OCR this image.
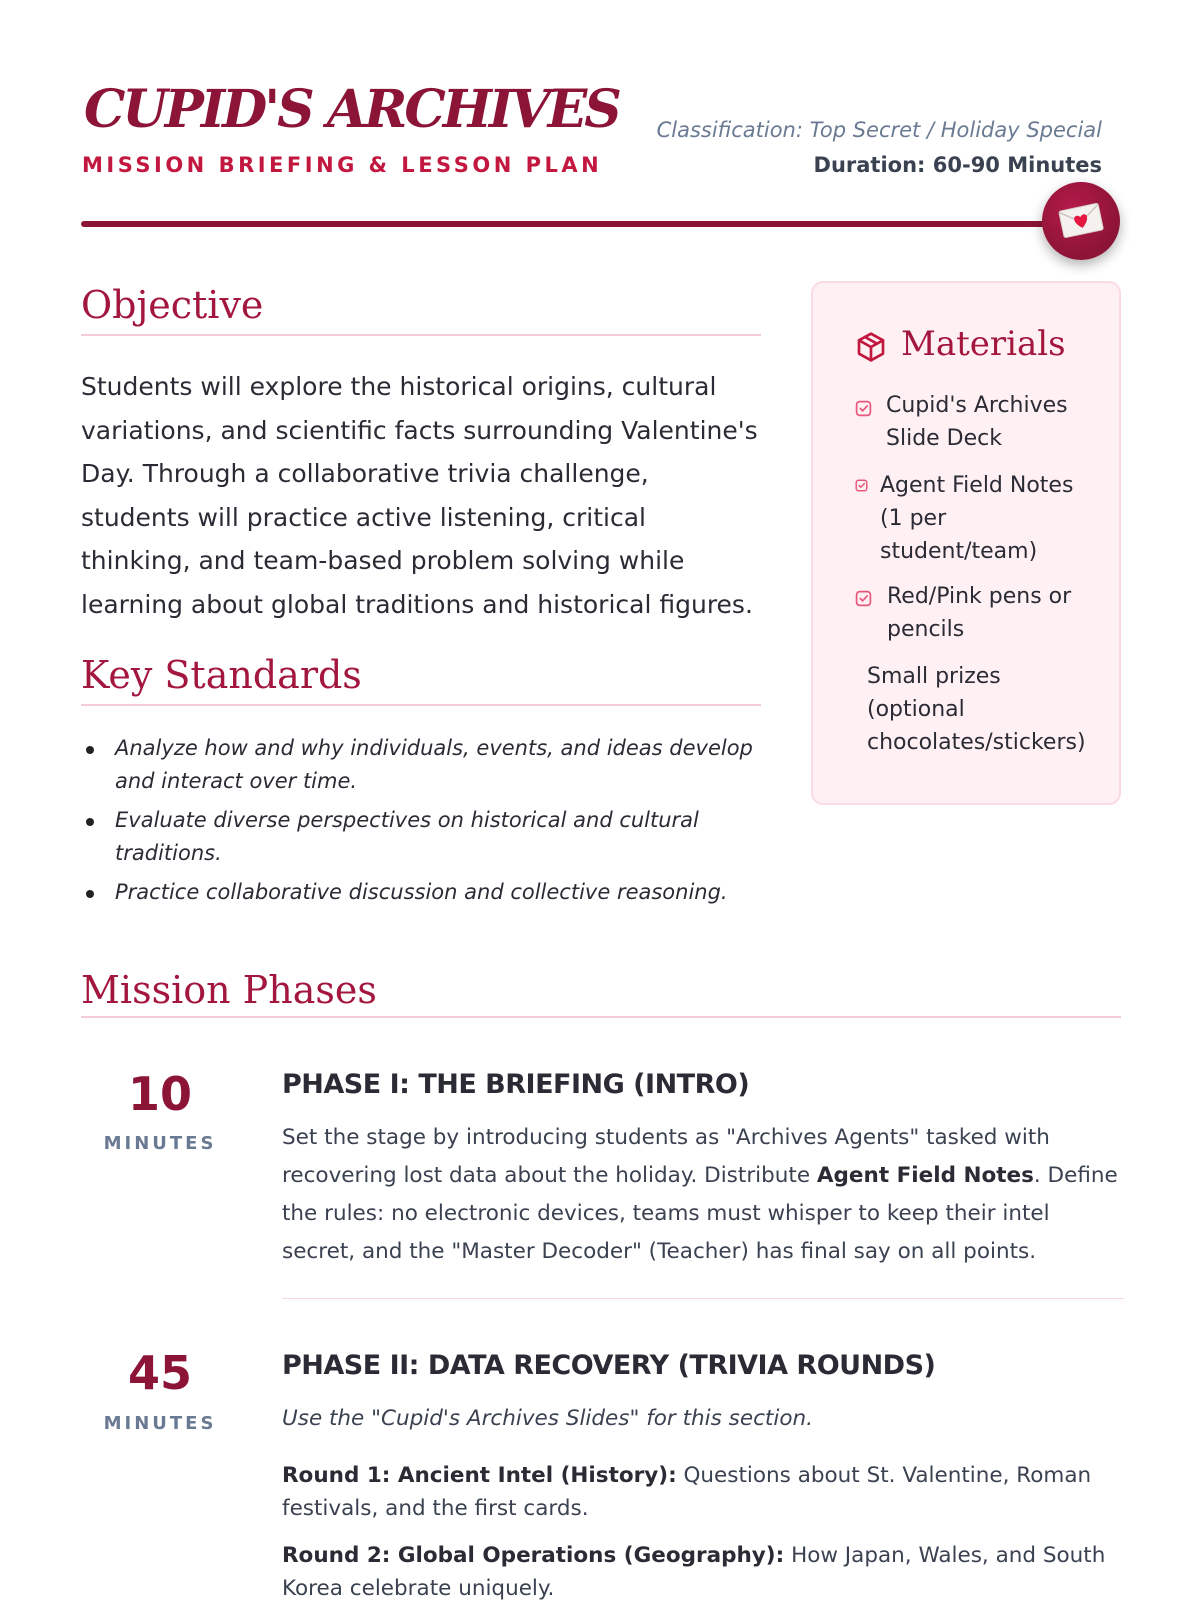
CUPID'S ARCHIVES
MISSION BRIEFING & LESSON PLAN
Classification: Top Secret / Holiday Special
Duration: 60-90 Minutes
Objective

Students will explore the historical origins, cultural variations, and scientific facts surrounding Valentine's Day. Through a collaborative trivia challenge, students will practice active listening, critical thinking, and team-based problem solving while learning about global traditions and historical figures.

Key Standards
Analyze how and why individuals, events, and ideas develop and interact over time.
Evaluate diverse perspectives on historical and cultural traditions.
Practice collaborative discussion and collective reasoning.
Materials
Cupid's Archives Slide Deck
Agent Field Notes (1 per student/team)
Red/Pink pens or pencils
Small prizes (optional chocolates/stickers)
Mission Phases
10
MINUTES
PHASE I: THE BRIEFING (INTRO)

Set the stage by introducing students as "Archives Agents" tasked with recovering lost data about the holiday. Distribute Agent Field Notes. Define the rules: no electronic devices, teams must whisper to keep their intel secret, and the "Master Decoder" (Teacher) has final say on all points.

45
MINUTES
PHASE II: DATA RECOVERY (TRIVIA ROUNDS)

Use the "Cupid's Archives Slides" for this section.

Round 1: Ancient Intel (History): Questions about St. Valentine, Roman festivals, and the first cards.

Round 2: Global Operations (Geography): How Japan, Wales, and South Korea celebrate uniquely.
